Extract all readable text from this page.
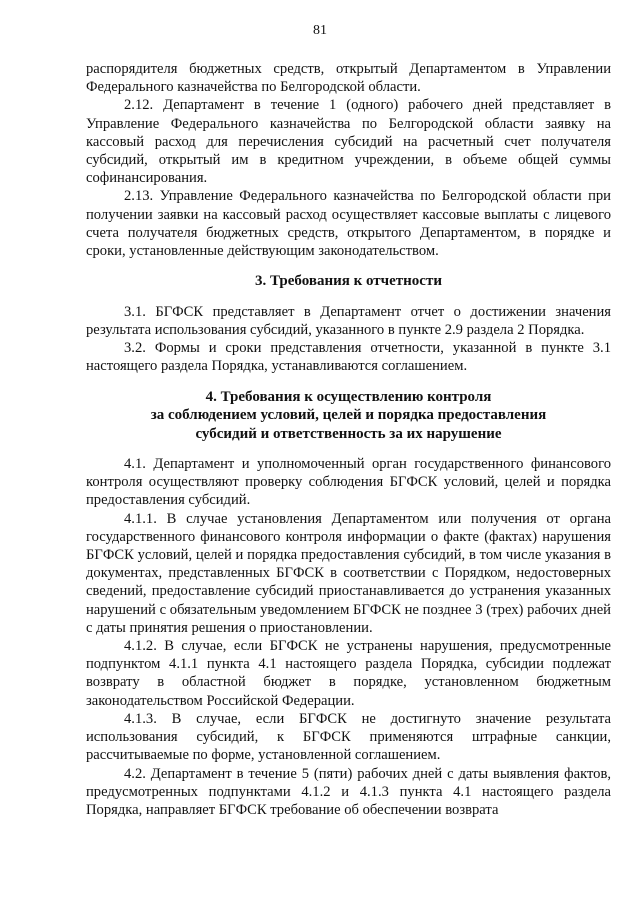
81

распорядителя бюджетных средств, открытый Департаментом в Управлении Федерального казначейства по Белгородской области.

2.12. Департамент в течение 1 (одного) рабочего дней представляет в Управление Федерального казначейства по Белгородской области заявку на кассовый расход для перечисления субсидий на расчетный счет получателя субсидий, открытый им в кредитном учреждении, в объеме общей суммы софинансирования.

2.13. Управление Федерального казначейства по Белгородской области при получении заявки на кассовый расход осуществляет кассовые выплаты с лицевого счета получателя бюджетных средств, открытого Департаментом, в порядке и сроки, установленные действующим законодательством.

3. Требования к отчетности

3.1. БГФСК представляет в Департамент отчет о достижении значения результата использования субсидий, указанного в пункте 2.9 раздела 2 Порядка.

3.2. Формы и сроки представления отчетности, указанной в пункте 3.1 настоящего раздела Порядка, устанавливаются соглашением.

4. Требования к осуществлению контроля

за соблюдением условий, целей и порядка предоставления

субсидий и ответственность за их нарушение

4.1. Департамент и уполномоченный орган государственного финансового контроля осуществляют проверку соблюдения БГФСК условий, целей и порядка предоставления субсидий.

4.1.1. В случае установления Департаментом или получения от органа государственного финансового контроля информации о факте (фактах) нарушения БГФСК условий, целей и порядка предоставления субсидий, в том числе указания в документах, представленных БГФСК в соответствии с Порядком, недостоверных сведений, предоставление субсидий приостанавливается до устранения указанных нарушений с обязательным уведомлением БГФСК не позднее 3 (трех) рабочих дней с даты принятия решения о приостановлении.

4.1.2. В случае, если БГФСК не устранены нарушения, предусмотренные подпунктом 4.1.1 пункта 4.1 настоящего раздела Порядка, субсидии подлежат возврату в областной бюджет в порядке, установленном бюджетным законодательством Российской Федерации.

4.1.3. В случае, если БГФСК не достигнуто значение результата использования субсидий, к БГФСК применяются штрафные санкции, рассчитываемые по форме, установленной соглашением.

4.2. Департамент в течение 5 (пяти) рабочих дней с даты выявления фактов, предусмотренных подпунктами 4.1.2 и 4.1.3 пункта 4.1 настоящего раздела Порядка, направляет БГФСК требование об обеспечении возврата
